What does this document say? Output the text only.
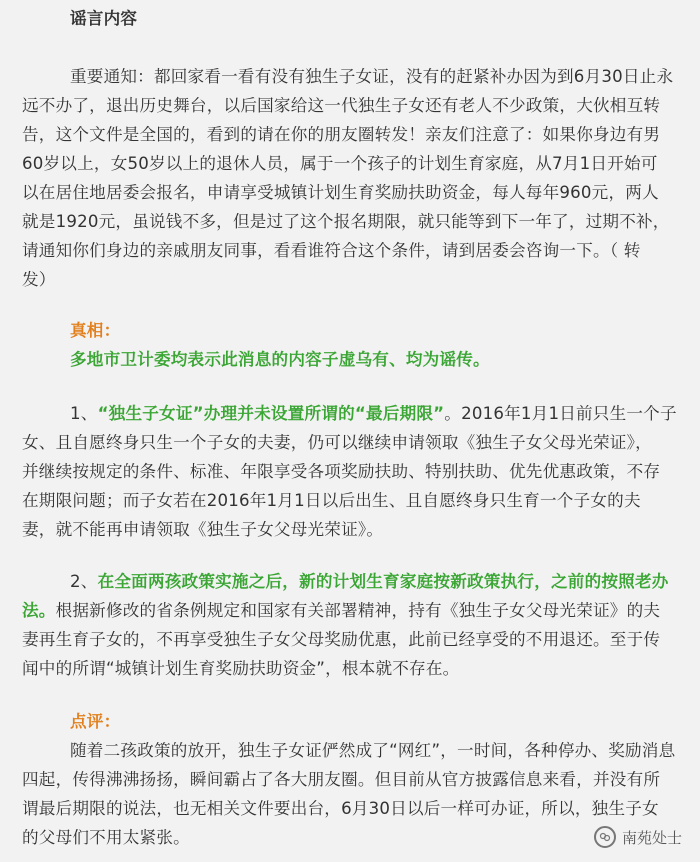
谣言内容
重要通知：都回家看一看有没有独生子女证，没有的赶紧补办因为到6月30日止永
远不办了，退出历史舞台，以后国家给这一代独生子女还有老人不少政策，大伙相互转
告，这个文件是全国的，看到的请在你的朋友圈转发！亲友们注意了：如果你身边有男
60岁以上，女50岁以上的退休人员，属于一个孩子的计划生育家庭，从7月1日开始可
以在居住地居委会报名，申请享受城镇计划生育奖励扶助资金，每人每年960元，两人
就是1920元，虽说钱不多，但是过了这个报名期限，就只能等到下一年了，过期不补，
请通知你们身边的亲戚朋友同事，看看谁符合这个条件，请到居委会咨询一下。（ 转
发）
真相：
多地市卫计委均表示此消息的内容子虚乌有、均为谣传。
1、“独生子女证”办理并未设置所谓的“最后期限”。2016年1月1日前只生一个子
女、且自愿终身只生一个子女的夫妻，仍可以继续申请领取《独生子女父母光荣证》，
并继续按规定的条件、标准、年限享受各项奖励扶助、特别扶助、优先优惠政策，不存
在期限问题；而子女若在2016年1月1日以后出生、且自愿终身只生育一个子女的夫
妻，就不能再申请领取《独生子女父母光荣证》。
2、在全面两孩政策实施之后，新的计划生育家庭按新政策执行，之前的按照老办
法。根据新修改的省条例规定和国家有关部署精神，持有《独生子女父母光荣证》的夫
妻再生育子女的，不再享受独生子女父母奖励优惠，此前已经享受的不用退还。至于传
闻中的所谓“城镇计划生育奖励扶助资金”，根本就不存在。
点评：
随着二孩政策的放开，独生子女证俨然成了“网红”，一时间，各种停办、奖励消息
四起，传得沸沸扬扬，瞬间霸占了各大朋友圈。但目前从官方披露信息来看，并没有所
谓最后期限的说法，也无相关文件要出台，6月30日以后一样可办证，所以，独生子女
的父母们不用太紧张。	南苑处士
